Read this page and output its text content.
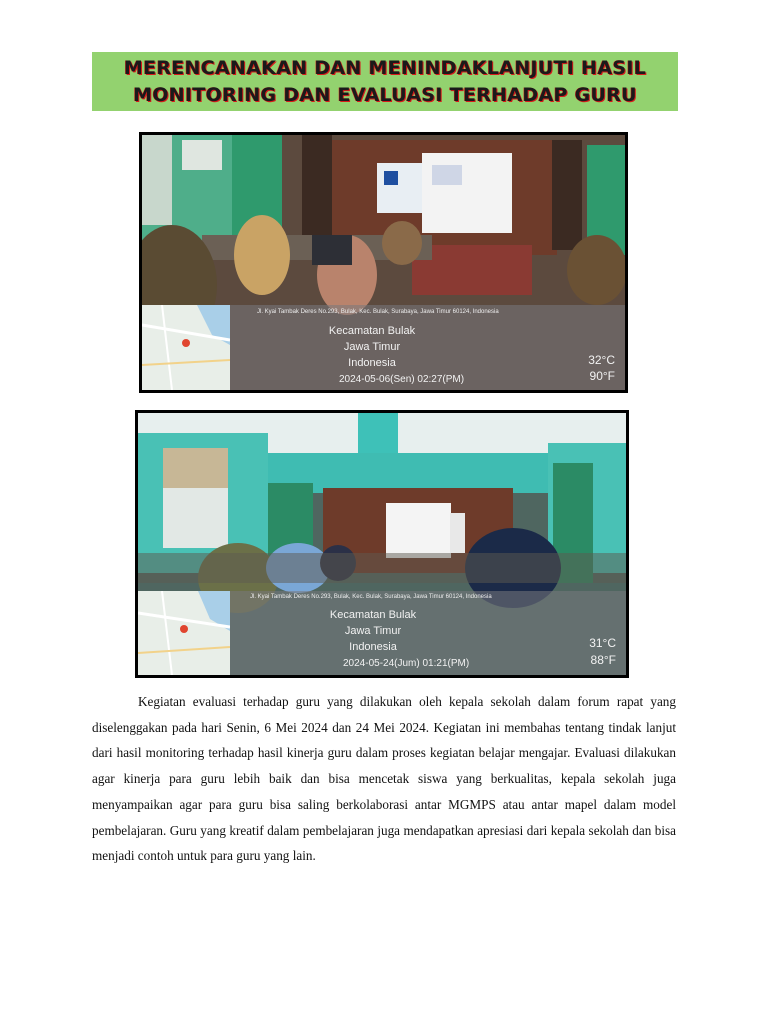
MERENCANAKAN DAN MENINDAKLANJUTI HASIL
MONITORING DAN EVALUASI TERHADAP GURU
Jl. Kyai Tambak Deres No.293, Bulak, Kec. Bulak, Surabaya, Jawa Timur 60124, Indonesia
Kecamatan Bulak
Jawa Timur
Indonesia
2024-05-06(Sen) 02:27(PM)
32°C
90°F
Jl. Kyai Tambak Deres No.293, Bulak, Kec. Bulak, Surabaya, Jawa Timur 60124, Indonesia
Kecamatan Bulak
Jawa Timur
Indonesia
2024-05-24(Jum) 01:21(PM)
31°C
88°F

Kegiatan evaluasi terhadap guru yang dilakukan oleh kepala sekolah dalam forum rapat yang diselenggakan pada hari Senin, 6 Mei 2024 dan 24 Mei 2024. Kegiatan ini membahas tentang tindak lanjut dari hasil monitoring terhadap hasil kinerja guru dalam proses kegiatan belajar mengajar. Evaluasi dilakukan agar kinerja para guru lebih baik dan bisa mencetak siswa yang berkualitas, kepala sekolah juga menyampaikan agar para guru bisa saling berkolaborasi antar MGMPS atau antar mapel dalam model pembelajaran. Guru yang kreatif dalam pembelajaran juga mendapatkan apresiasi dari kepala sekolah dan bisa menjadi contoh untuk para guru yang lain.
